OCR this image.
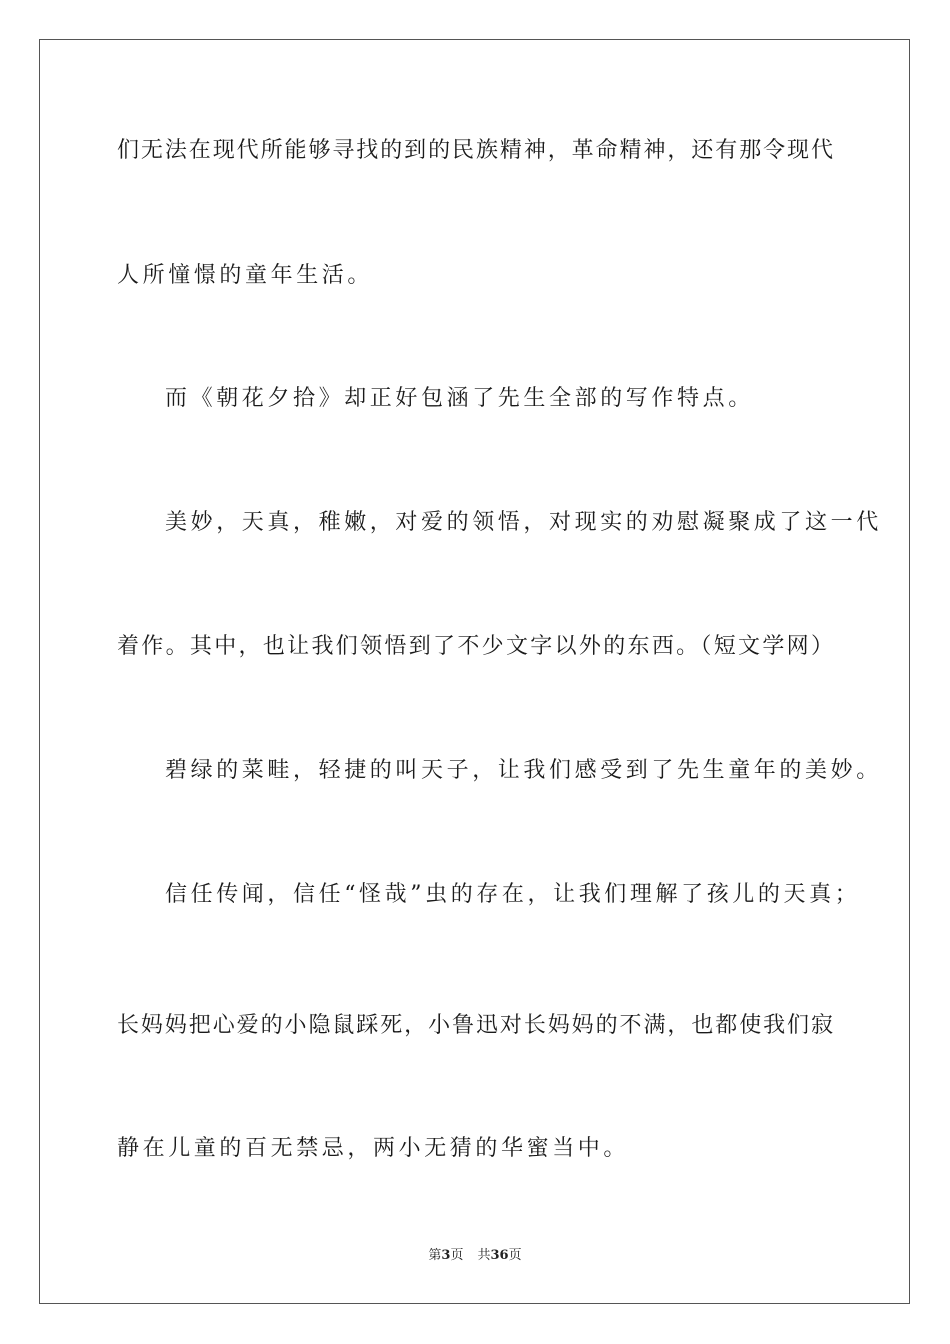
们无法在现代所能够寻找的到的民族精神，革命精神，还有那令现代
人所憧憬的童年生活。
而《朝花夕拾》却正好包涵了先生全部的写作特点。
美妙，天真，稚嫩，对爱的领悟，对现实的劝慰凝聚成了这一代
着作。其中，也让我们领悟到了不少文字以外的东西。（短文学网）
碧绿的菜畦，轻捷的叫天子，让我们感受到了先生童年的美妙。
信任传闻，信任“怪哉”虫的存在，让我们理解了孩儿的天真；
长妈妈把心爱的小隐鼠踩死，小鲁迅对长妈妈的不满，也都使我们寂
静在儿童的百无禁忌，两小无猜的华蜜当中。
第3页 共36页
